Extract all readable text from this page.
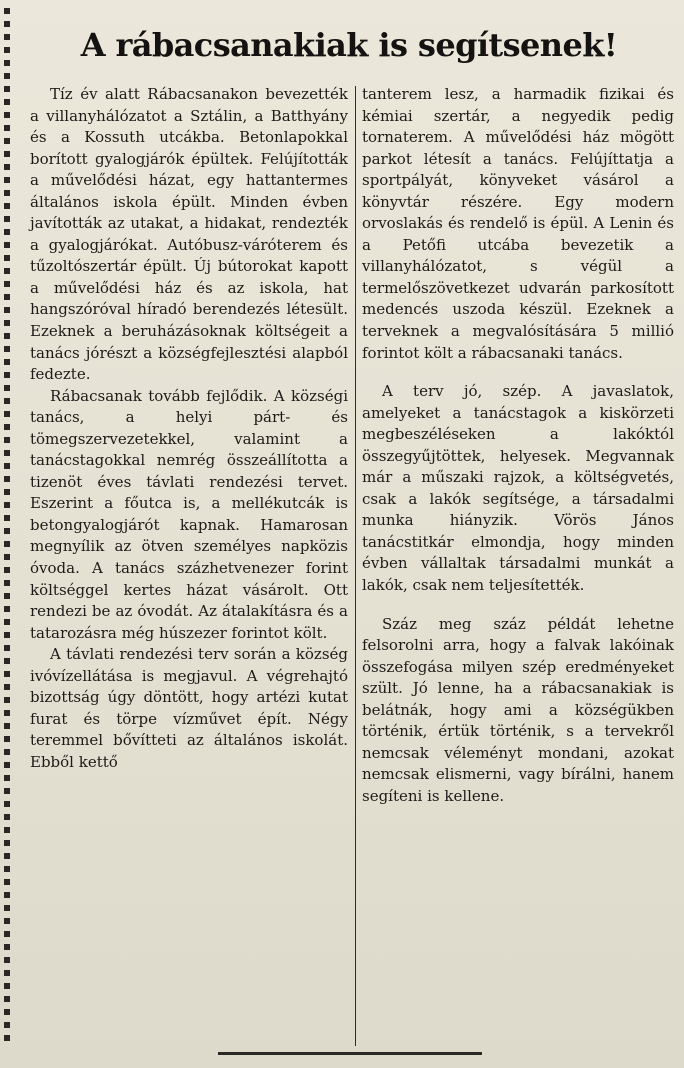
A rábacsanakiak is segítsenek!

Tíz év alatt Rábacsanakon bevezették a villanyhálózatot a Sztálin, a Batthyány és a Kossuth utcákba. Betonlapokkal borított gyalogjárók épültek. Felújították a művelődési házat, egy hattantermes általános iskola épült. Minden évben javították az utakat, a hidakat, rendezték a gyalogjárókat. Autóbusz-váróterem és tűzoltószertár épült. Új bútorokat kapott a művelődési ház és az iskola, hat hangszóróval híradó berendezés létesült. Ezeknek a beruházásoknak költségeit a tanács jórészt a községfejlesztési alapból fedezte.

Rábacsanak tovább fejlődik. A községi tanács, a helyi párt- és tömegszervezetekkel, valamint a tanácstagokkal nemrég összeállította a tizenöt éves távlati rendezési tervet. Eszerint a főutca is, a mellékutcák is betongyalogjárót kapnak. Hamarosan megnyílik az ötven személyes napközis óvoda. A tanács százhetvenezer forint költséggel kertes házat vásárolt. Ott rendezi be az óvodát. Az átalakításra és a tatarozásra még húszezer forintot költ.

A távlati rendezési terv során a község ivóvízellátása is megjavul. A végrehajtó bizottság úgy döntött, hogy artézi kutat furat és törpe vízművet épít. Négy teremmel bővítteti az általános iskolát. Ebből kettő

tanterem lesz, a harmadik fizikai és kémiai szertár, a negyedik pedig tornaterem. A művelődési ház mögött parkot létesít a tanács. Felújíttatja a sportpályát, könyveket vásárol a könyvtár részére. Egy modern orvoslakás és rendelő is épül. A Lenin és a Petőfi utcába bevezetik a villanyhálózatot, s végül a termelőszövetkezet udvarán parkosított medencés uszoda készül. Ezeknek a terveknek a megvalósítására 5 millió forintot költ a rábacsanaki tanács.

A terv jó, szép. A javaslatok, amelyeket a tanácstagok a kiskörzeti megbeszéléseken a lakóktól összegyűjtöttek, helyesek. Megvannak már a műszaki rajzok, a költségvetés, csak a lakók segítsége, a társadalmi munka hiányzik. Vörös János tanácstitkár elmondja, hogy minden évben vállaltak társadalmi munkát a lakók, csak nem teljesítették.

Száz meg száz példát lehetne felsorolni arra, hogy a falvak lakóinak összefogása milyen szép eredményeket szült. Jó lenne, ha a rábacsanakiak is belátnák, hogy ami a községükben történik, értük történik, s a tervekről nemcsak véleményt mondani, azokat nemcsak elismerni, vagy bírálni, hanem segíteni is kellene.
